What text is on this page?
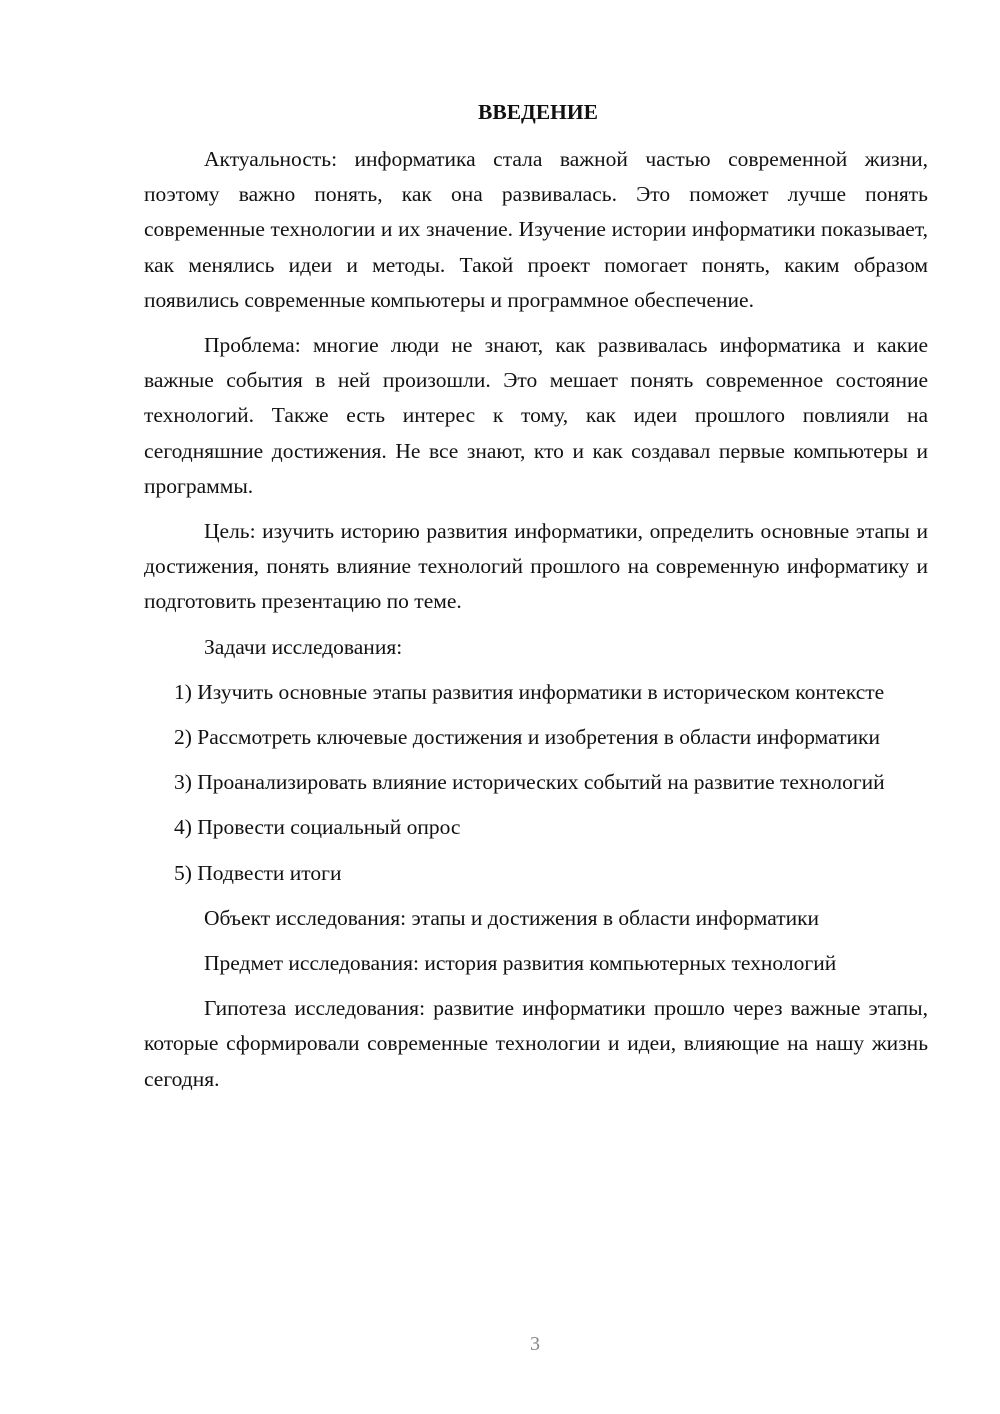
ВВЕДЕНИЕ

Актуальность: информатика стала важной частью современной жизни, поэтому важно понять, как она развивалась. Это поможет лучше понять современные технологии и их значение. Изучение истории информатики показывает, как менялись идеи и методы. Такой проект помогает понять, каким образом появились современные компьютеры и программное обеспечение.

Проблема: многие люди не знают, как развивалась информатика и какие важные события в ней произошли. Это мешает понять современное состояние технологий. Также есть интерес к тому, как идеи прошлого повлияли на сегодняшние достижения. Не все знают, кто и как создавал первые компьютеры и программы.

Цель: изучить историю развития информатики, определить основные этапы и достижения, понять влияние технологий прошлого на современную информатику и подготовить презентацию по теме.

Задачи исследования:

1) Изучить основные этапы развития информатики в историческом контексте

2) Рассмотреть ключевые достижения и изобретения в области информатики

3) Проанализировать влияние исторических событий на развитие технологий

4) Провести социальный опрос

5) Подвести итоги

Объект исследования: этапы и достижения в области информатики

Предмет исследования: история развития компьютерных технологий

Гипотеза исследования: развитие информатики прошло через важные этапы, которые сформировали современные технологии и идеи, влияющие на нашу жизнь сегодня.

3
